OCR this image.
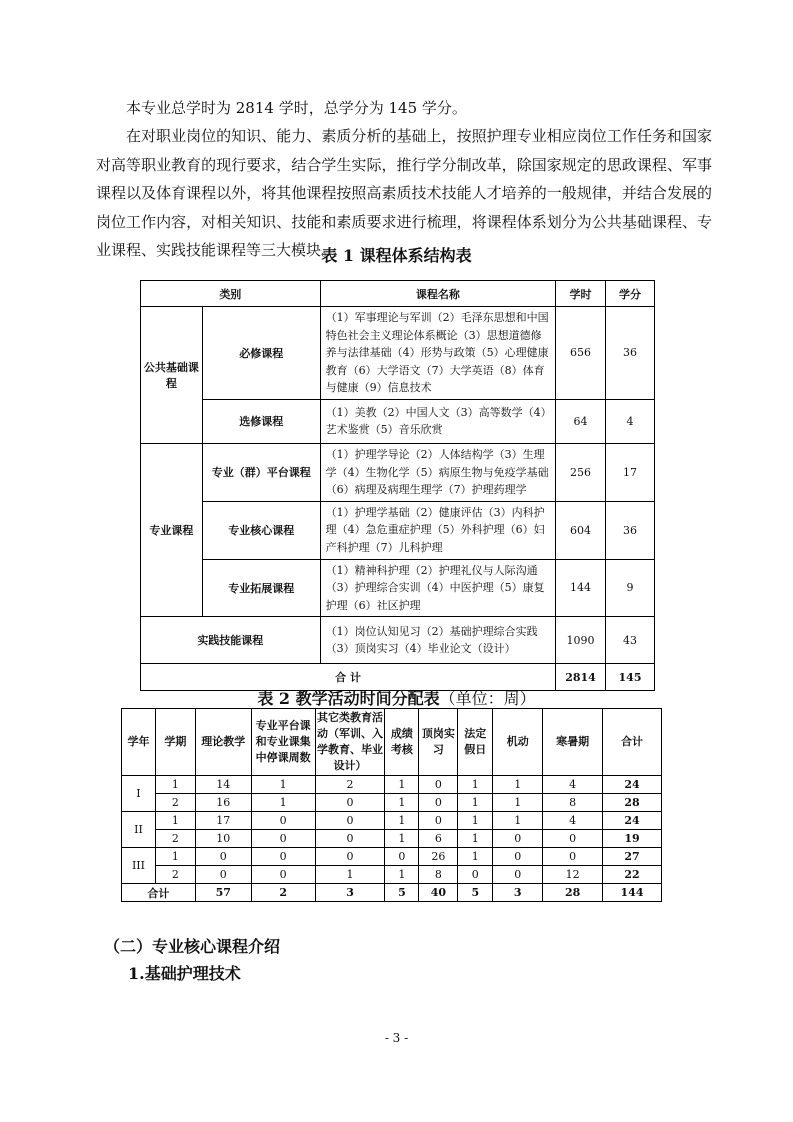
本专业总学时为 2814 学时，总学分为 145 学分。

在对职业岗位的知识、能力、素质分析的基础上，按照护理专业相应岗位工作任务和国家对高等职业教育的现行要求，结合学生实际，推行学分制改革，除国家规定的思政课程、军事课程以及体育课程以外，将其他课程按照高素质技术技能人才培养的一般规律，并结合发展的岗位工作内容，对相关知识、技能和素质要求进行梳理，将课程体系划分为公共基础课程、专业课程、实践技能课程等三大模块。

表 1 课程体系结构表
类别		课程名称	学时	学分
公共基础课程	必修课程	（1）军事理论与军训（2）毛泽东思想和中国特色社会主义理论体系概论（3）思想道德修养与法律基础（4）形势与政策（5）心理健康教育（6）大学语文（7）大学英语（8）体育与健康（9）信息技术	656	36
	选修课程	（1）美教（2）中国人文（3）高等数学（4）艺术鉴赏（5）音乐欣赏	64	4
专业课程	专业（群）平台课程	（1）护理学导论（2）人体结构学（3）生理学（4）生物化学（5）病原生物与免疫学基础（6）病理及病理生理学（7）护理药理学	256	17
	专业核心课程	（1）护理学基础（2）健康评估（3）内科护理（4）急危重症护理（5）外科护理（6）妇产科护理（7）儿科护理	604	36
	专业拓展课程	（1）精神科护理（2）护理礼仪与人际沟通（3）护理综合实训（4）中医护理（5）康复护理（6）社区护理	144	9
实践技能课程		（1）岗位认知见习（2）基础护理综合实践（3）顶岗实习（4）毕业论文（设计）	1090	43
合 计			2814	145
表 2 教学活动时间分配表（单位：周）
学年	学期	理论教学	专业平台课和专业课集中停课周数	其它类教育活动（军训、入学教育、毕业设计）	成绩考核	顶岗实习	法定假日	机动	寒暑期	合计
I	1	14	1	2	1	0	1	1	4	24
	2	16	1	0	1	0	1	1	8	28
II	1	17	0	0	1	0	1	1	4	24
	2	10	0	0	1	6	1	0	0	19
III	1	0	0	0	0	26	1	0	0	27
	2	0	0	1	1	8	0	0	12	22
合计		57	2	3	5	40	5	3	28	144
（二）专业核心课程介绍
1.基础护理技术
- 3 -
